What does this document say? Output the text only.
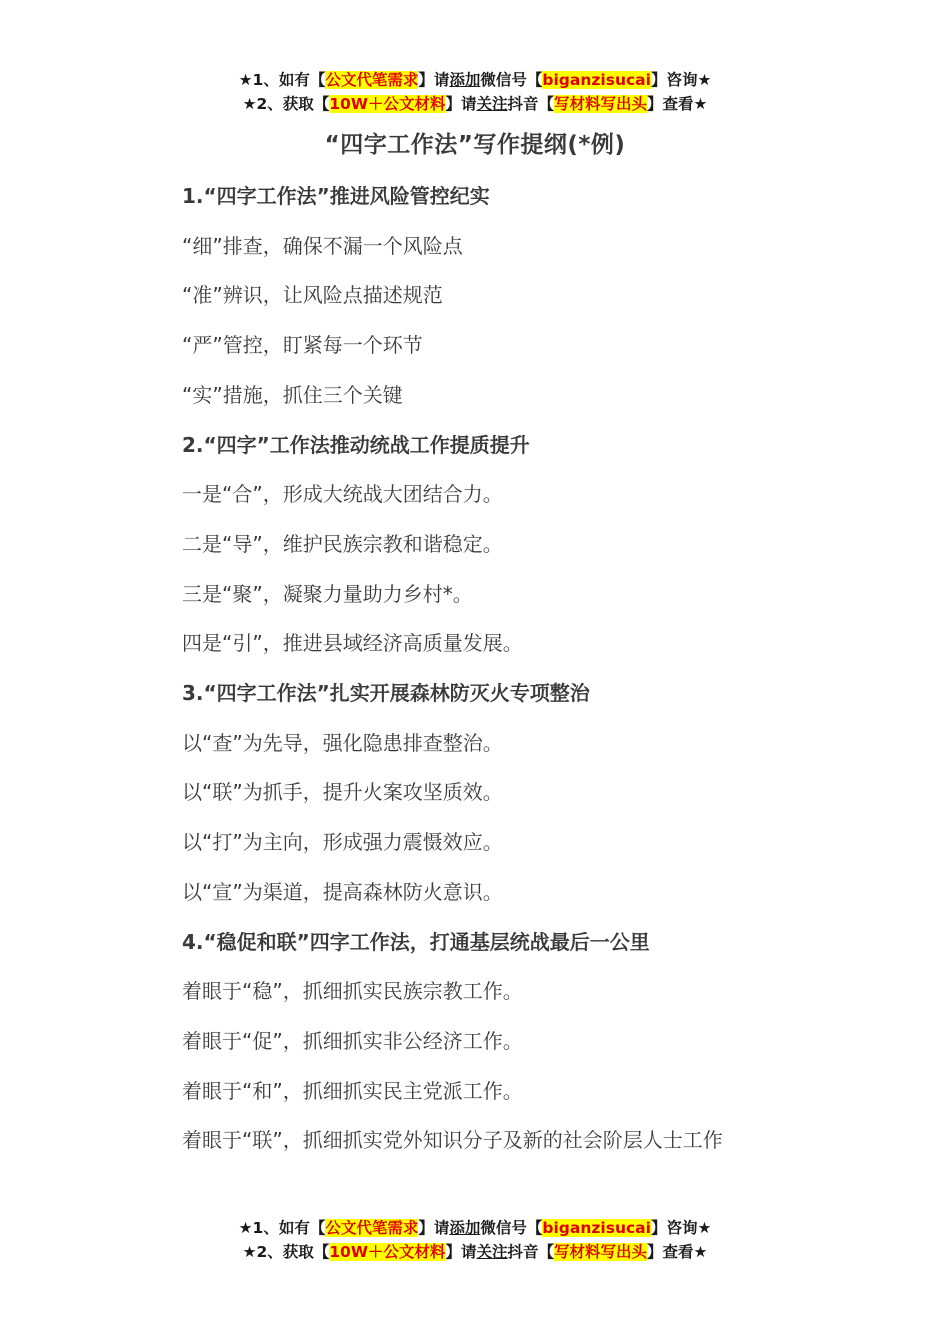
★1、如有【公文代笔需求】请添加微信号【biganzisucai】咨询★
★2、获取【10W＋公文材料】请关注抖音【写材料写出头】查看★
“四字工作法”写作提纲(*例)

1.“四字工作法”推进风险管控纪实

“细”排查，确保不漏一个风险点

“准”辨识，让风险点描述规范

“严”管控，盯紧每一个环节

“实”措施，抓住三个关键

2.“四字”工作法推动统战工作提质提升

一是“合”，形成大统战大团结合力。

二是“导”，维护民族宗教和谐稳定。

三是“聚”，凝聚力量助力乡村*。

四是“引”，推进县域经济高质量发展。

3.“四字工作法”扎实开展森林防灭火专项整治

以“查”为先导，强化隐患排查整治。

以“联”为抓手，提升火案攻坚质效。

以“打”为主向，形成强力震慑效应。

以“宣”为渠道，提高森林防火意识。

4.“稳促和联”四字工作法，打通基层统战最后一公里

着眼于“稳”，抓细抓实民族宗教工作。

着眼于“促”，抓细抓实非公经济工作。

着眼于“和”，抓细抓实民主党派工作。

着眼于“联”，抓细抓实党外知识分子及新的社会阶层人士工作

★1、如有【公文代笔需求】请添加微信号【biganzisucai】咨询★
★2、获取【10W＋公文材料】请关注抖音【写材料写出头】查看★
